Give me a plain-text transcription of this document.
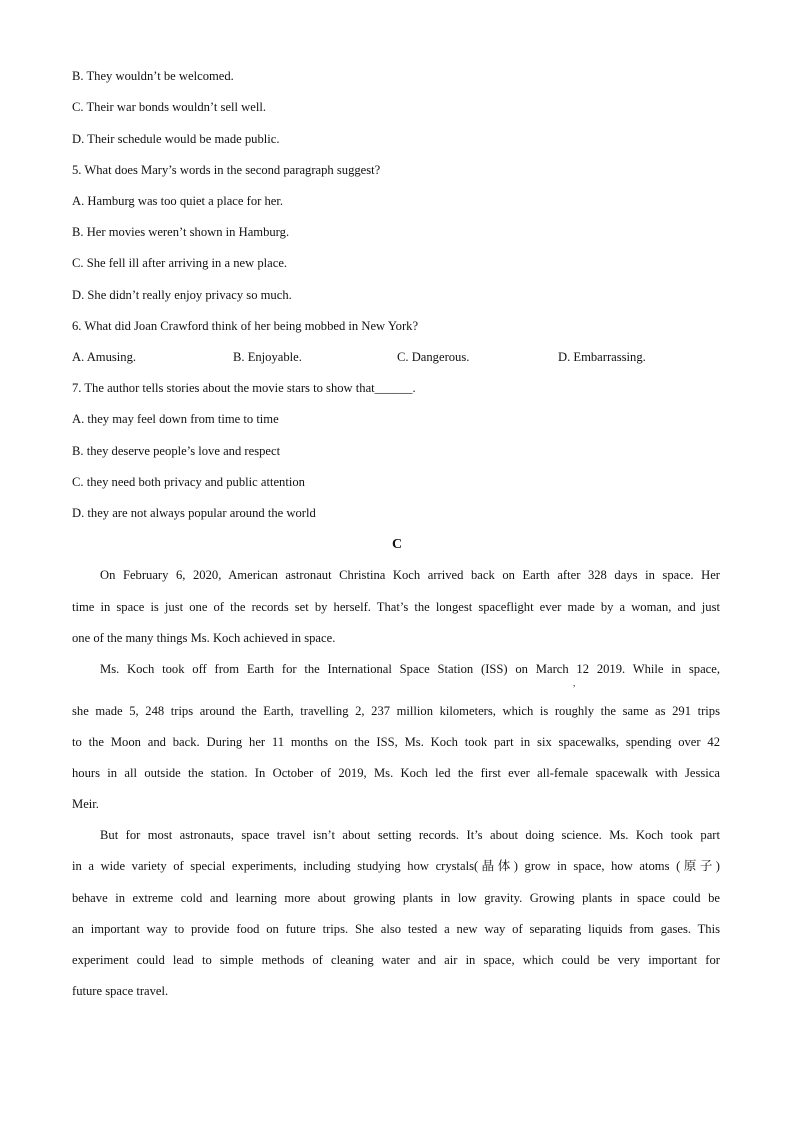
B. They wouldn’t be welcomed.
C. Their war bonds wouldn’t sell well.
D. Their schedule would be made public.
5. What does Mary’s words in the second paragraph suggest?
A. Hamburg was too quiet a place for her.
B. Her movies weren’t shown in Hamburg.
C. She fell ill after arriving in a new place.
D. She didn’t really enjoy privacy so much.
6. What did Joan Crawford think of her being mobbed in New York?
A. Amusing.	B. Enjoyable.	C. Dangerous.	D. Embarrassing.
7. The author tells stories about the movie stars to show that______.
A. they may feel down from time to time
B. they deserve people’s love and respect
C. they need both privacy and public attention
D. they are not always popular around the world
C
On February 6, 2020, American astronaut Christina Koch arrived back on Earth after 328 days in space. Her
time in space is just one of the records set by herself. That’s the longest spaceflight ever made by a woman, and just
one of the many things Ms. Koch achieved in space.
Ms. Koch took off from Earth for the International Space Station (ISS) on March 12 2019. While in space,
,
she made 5, 248 trips around the Earth, travelling 2, 237 million kilometers, which is roughly the same as 291 trips
to the Moon and back. During her 11 months on the ISS, Ms. Koch took part in six spacewalks, spending over 42
hours in all outside the station. In October of 2019, Ms. Koch led the first ever all-female spacewalk with Jessica
Meir.
But for most astronauts, space travel isn’t about setting records. It’s about doing science. Ms. Koch took part
in a wide variety of special experiments, including studying how crystals(晶体) grow in space, how atoms (原子)
behave in extreme cold and learning more about growing plants in low gravity. Growing plants in space could be
an important way to provide food on future trips. She also tested a new way of separating liquids from gases. This
experiment could lead to simple methods of cleaning water and air in space, which could be very important for
future space travel.
